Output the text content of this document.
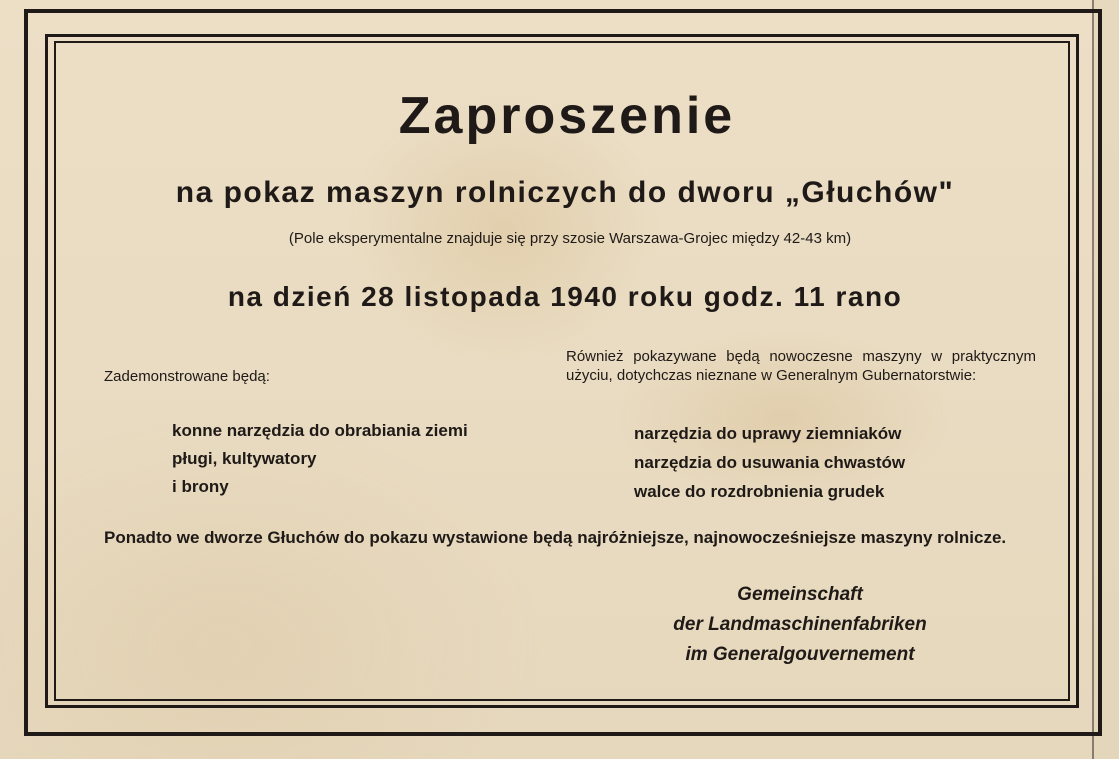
Zaproszenie
na pokaz maszyn rolniczych do dworu „Głuchów"
(Pole eksperymentalne znajduje się przy szosie Warszawa-Grojec między 42-43 km)
na dzień 28 listopada 1940 roku godz. 11 rano
Zademonstrowane będą:
konne narzędzia do obrabiania ziemi
pługi, kultywatory
i brony
Również pokazywane będą nowoczesne maszyny w praktycznym użyciu, dotychczas nieznane w Generalnym Gubernatorstwie:
narzędzia do uprawy ziemniaków
narzędzia do usuwania chwastów
walce do rozdrobnienia grudek
Ponadto we dworze Głuchów do pokazu wystawione będą najróżniejsze, najnowocześniejsze maszyny rolnicze.
Gemeinschaft
der Landmaschinenfabriken
im Generalgouvernement
